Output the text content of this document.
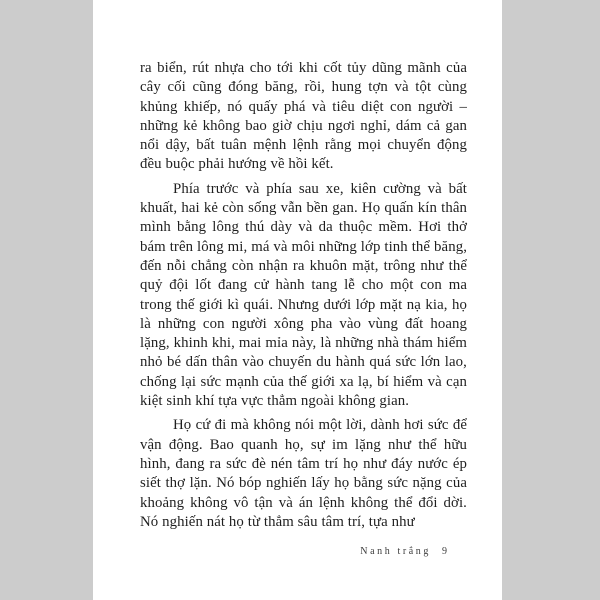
ra biển, rút nhựa cho tới khi cốt tủy dũng mãnh của cây cối cũng đóng băng, rồi, hung tợn và tột cùng khủng khiếp, nó quấy phá và tiêu diệt con người – những kẻ không bao giờ chịu ngơi nghỉ, dám cả gan nổi dậy, bất tuân mệnh lệnh rằng mọi chuyển động đều buộc phải hướng về hồi kết.

Phía trước và phía sau xe, kiên cường và bất khuất, hai kẻ còn sống vẫn bền gan. Họ quấn kín thân mình bằng lông thú dày và da thuộc mềm. Hơi thở bám trên lông mi, má và môi những lớp tinh thể băng, đến nỗi chẳng còn nhận ra khuôn mặt, trông như thể quỷ đội lốt đang cử hành tang lễ cho một con ma trong thế giới kì quái. Nhưng dưới lớp mặt nạ kia, họ là những con người xông pha vào vùng đất hoang lặng, khinh khi, mai mỉa này, là những nhà thám hiểm nhỏ bé dấn thân vào chuyến du hành quá sức lớn lao, chống lại sức mạnh của thế giới xa lạ, bí hiểm và cạn kiệt sinh khí tựa vực thẳm ngoài không gian.

Họ cứ đi mà không nói một lời, dành hơi sức để vận động. Bao quanh họ, sự im lặng như thể hữu hình, đang ra sức đè nén tâm trí họ như đáy nước ép siết thợ lặn. Nó bóp nghiến lấy họ bằng sức nặng của khoảng không vô tận và án lệnh không thể đổi dời. Nó nghiến nát họ từ thẳm sâu tâm trí, tựa như

Nanh trắng 9
